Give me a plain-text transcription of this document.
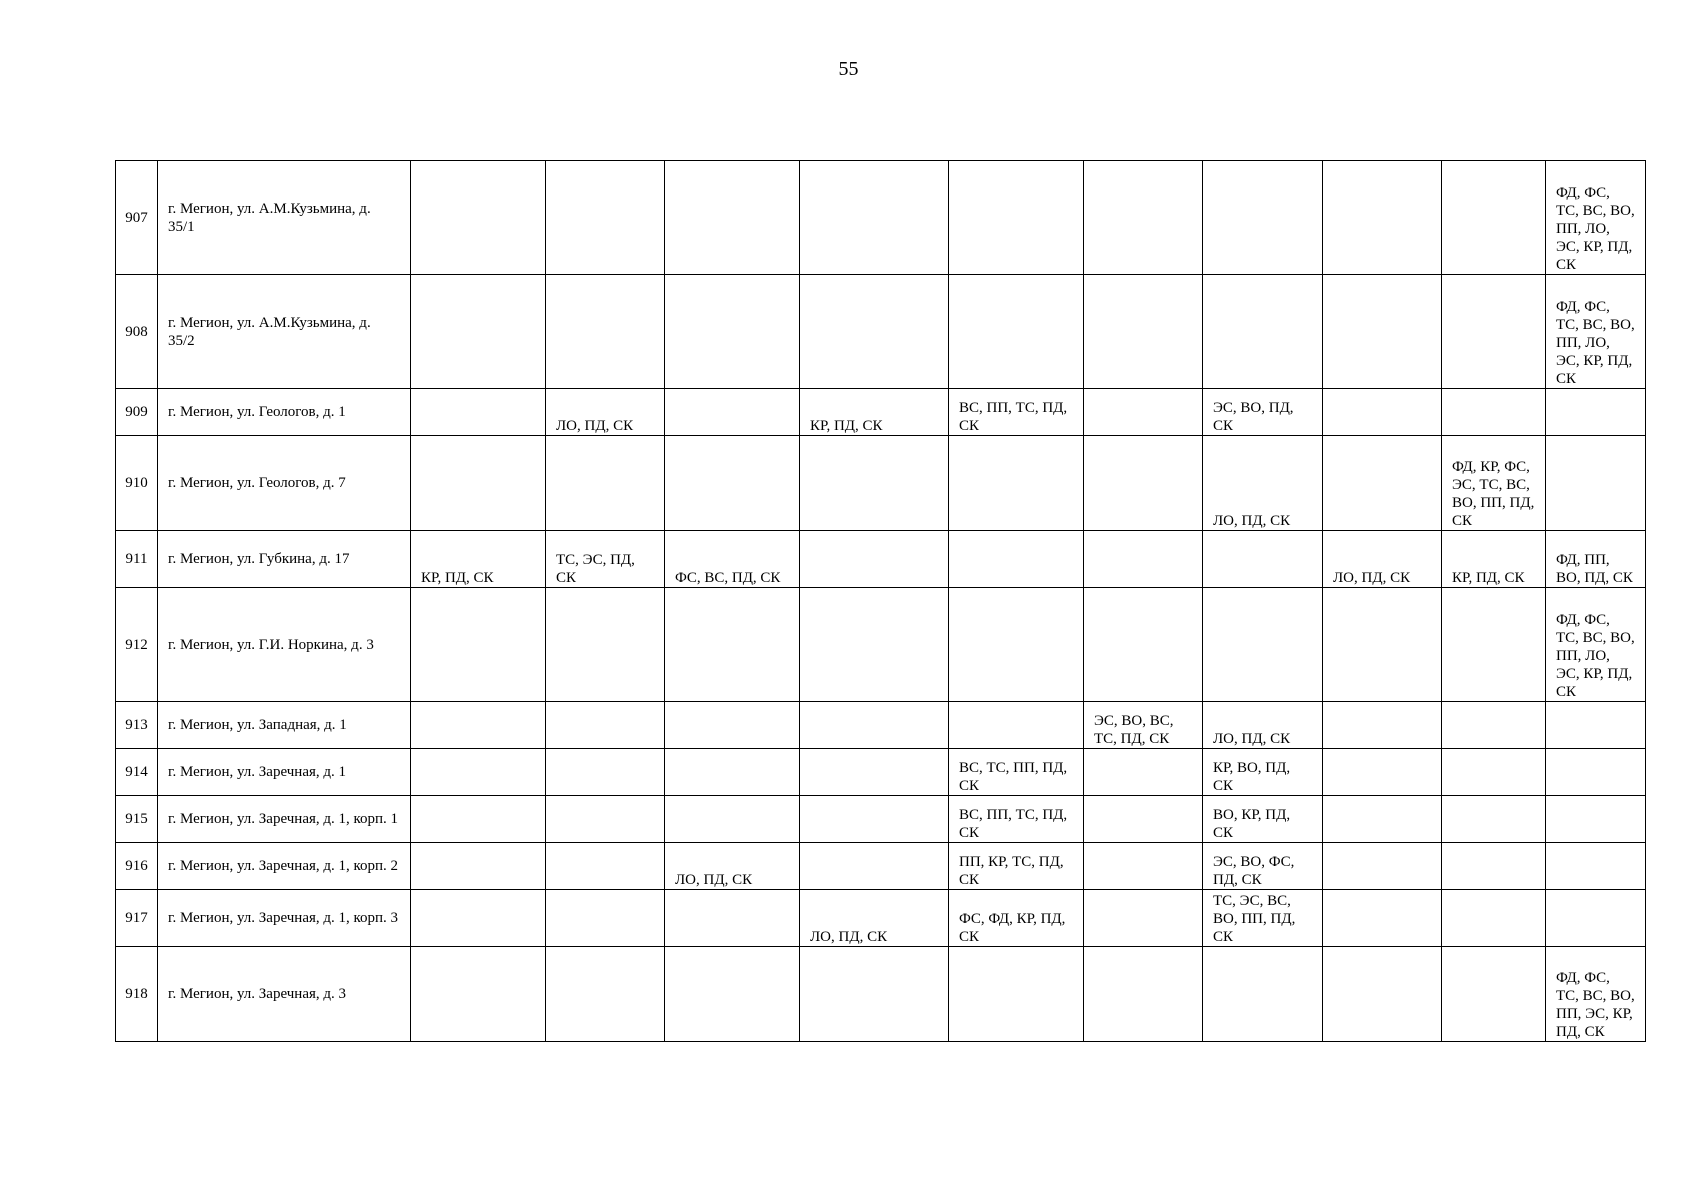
55
907	г. Мегион, ул. А.М.Кузьмина, д. 35/1										ФД, ФС, ТС, ВС, ВО, ПП, ЛО, ЭС, КР, ПД, СК

908	г. Мегион, ул. А.М.Кузьмина, д. 35/2										ФД, ФС, ТС, ВС, ВО, ПП, ЛО, ЭС, КР, ПД, СК

909	г. Мегион, ул. Геологов, д. 1		ЛО, ПД, СК		КР, ПД, СК	ВС, ПП, ТС, ПД, СК		ЭС, ВО, ПД, СК			

910	г. Мегион, ул. Геологов, д. 7							ЛО, ПД, СК		ФД, КР, ФС, ЭС, ТС, ВС, ВО, ПП, ПД, СК	

911	г. Мегион, ул. Губкина, д. 17	КР, ПД, СК	ТС, ЭС, ПД, СК	ФС, ВС, ПД, СК					ЛО, ПД, СК	КР, ПД, СК	ФД, ПП, ВО, ПД, СК

912	г. Мегион, ул. Г.И. Норкина, д. 3										ФД, ФС, ТС, ВС, ВО, ПП, ЛО, ЭС, КР, ПД, СК

913	г. Мегион, ул. Западная, д. 1						ЭС, ВО, ВС, ТС, ПД, СК	ЛО, ПД, СК			

914	г. Мегион, ул. Заречная, д. 1					ВС, ТС, ПП, ПД, СК		КР, ВО, ПД, СК			

915	г. Мегион, ул. Заречная, д. 1, корп. 1					ВС, ПП, ТС, ПД, СК		ВО, КР, ПД, СК			

916	г. Мегион, ул. Заречная, д. 1, корп. 2			ЛО, ПД, СК		ПП, КР, ТС, ПД, СК		ЭС, ВО, ФС, ПД, СК			

917	г. Мегион, ул. Заречная, д. 1, корп. 3				ЛО, ПД, СК	ФС, ФД, КР, ПД, СК		ТС, ЭС, ВС, ВО, ПП, ПД, СК			

918	г. Мегион, ул. Заречная, д. 3										ФД, ФС, ТС, ВС, ВО, ПП, ЭС, КР, ПД, СК
